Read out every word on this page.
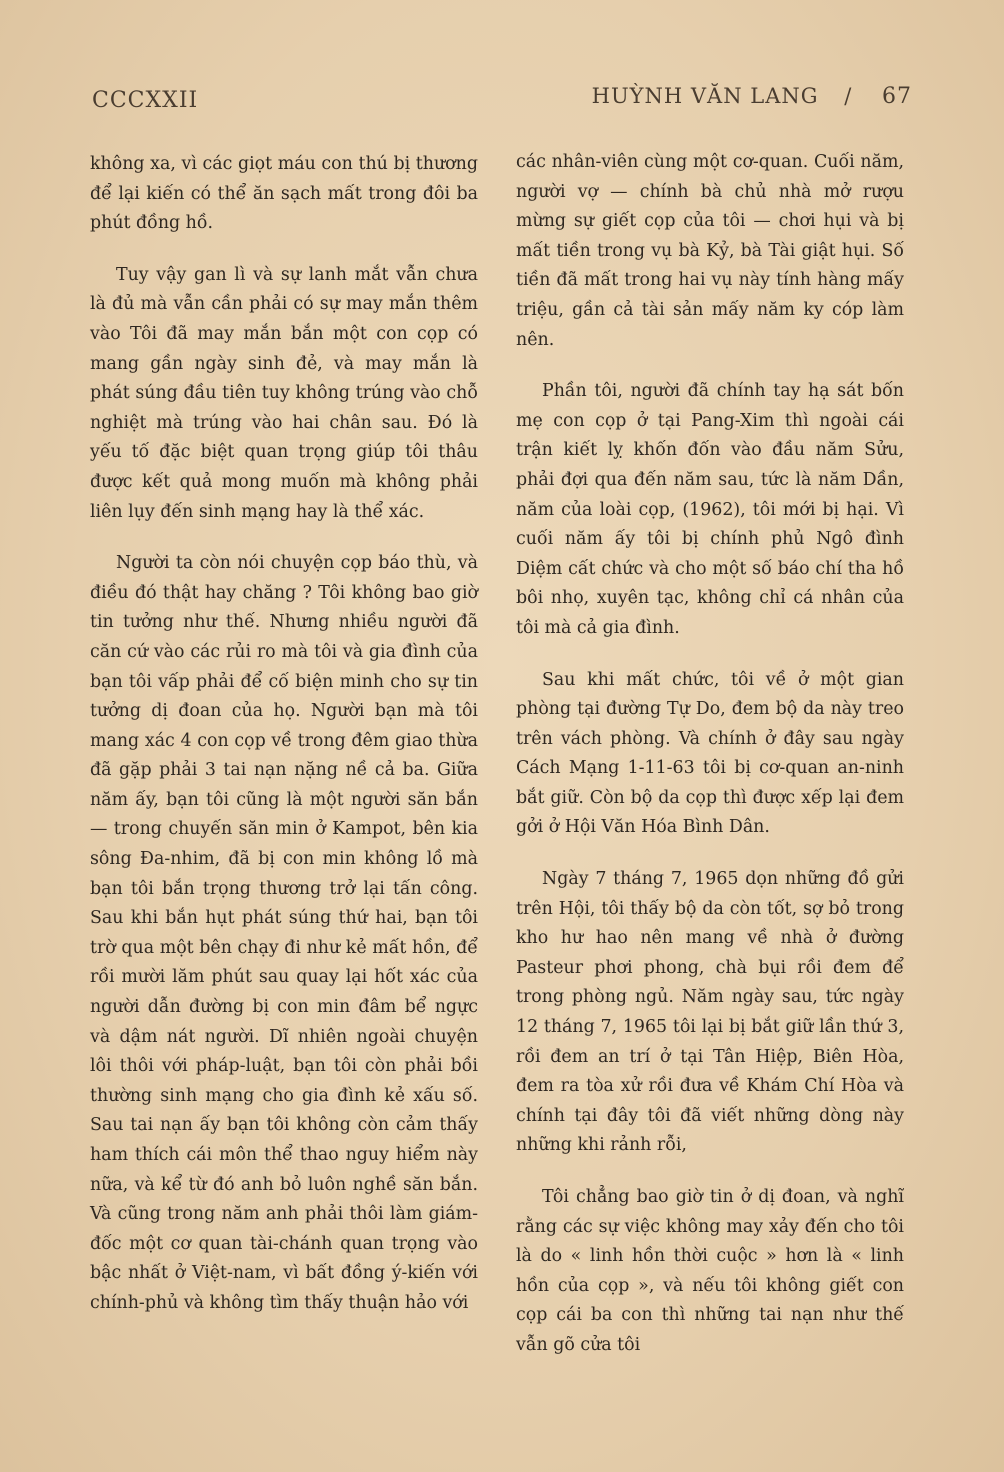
CCCXXII	HUỲNH VĂN LANG / 67

không xa, vì các giọt máu con thú bị thương để lại kiến có thể ăn sạch mất trong đôi ba phút đồng hồ.

Tuy vậy gan lì và sự lanh mắt vẫn chưa là đủ mà vẫn cần phải có sự may mắn thêm vào Tôi đã may mắn bắn một con cọp có mang gần ngày sinh đẻ, và may mắn là phát súng đầu tiên tuy không trúng vào chỗ nghiệt mà trúng vào hai chân sau. Đó là yếu tố đặc biệt quan trọng giúp tôi thâu được kết quả mong muốn mà không phải liên lụy đến sinh mạng hay là thể xác.

Người ta còn nói chuyện cọp báo thù, và điều đó thật hay chăng ? Tôi không bao giờ tin tưởng như thế. Nhưng nhiều người đã căn cứ vào các rủi ro mà tôi và gia đình của bạn tôi vấp phải để cố biện minh cho sự tin tưởng dị đoan của họ. Người bạn mà tôi mang xác 4 con cọp về trong đêm giao thừa đã gặp phải 3 tai nạn nặng nề cả ba. Giữa năm ấy, bạn tôi cũng là một người săn bắn — trong chuyến săn min ở Kampot, bên kia sông Đa-nhim, đã bị con min không lồ mà bạn tôi bắn trọng thương trở lại tấn công. Sau khi bắn hụt phát súng thứ hai, bạn tôi trờ qua một bên chạy đi như kẻ mất hồn, để rồi mười lăm phút sau quay lại hốt xác của người dẫn đường bị con min đâm bể ngực và dậm nát người. Dĩ nhiên ngoài chuyện lôi thôi với pháp-luật, bạn tôi còn phải bồi thường sinh mạng cho gia đình kẻ xấu số. Sau tai nạn ấy bạn tôi không còn cảm thấy ham thích cái môn thể thao nguy hiểm này nữa, và kể từ đó anh bỏ luôn nghề săn bắn. Và cũng trong năm anh phải thôi làm giám-đốc một cơ quan tài-chánh quan trọng vào bậc nhất ở Việt-nam, vì bất đồng ý-kiến với chính-phủ và không tìm thấy thuận hảo với

các nhân-viên cùng một cơ-quan. Cuối năm, người vợ — chính bà chủ nhà mở rượu mừng sự giết cọp của tôi — chơi hụi và bị mất tiền trong vụ bà Kỷ, bà Tài giật hụi. Số tiền đã mất trong hai vụ này tính hàng mấy triệu, gần cả tài sản mấy năm ky cóp làm nên.

Phần tôi, người đã chính tay hạ sát bốn mẹ con cọp ở tại Pang-Xim thì ngoài cái trận kiết lỵ khốn đốn vào đầu năm Sửu, phải đợi qua đến năm sau, tức là năm Dần, năm của loài cọp, (1962), tôi mới bị hại. Vì cuối năm ấy tôi bị chính phủ Ngô đình Diệm cất chức và cho một số báo chí tha hồ bôi nhọ, xuyên tạc, không chỉ cá nhân của tôi mà cả gia đình.

Sau khi mất chức, tôi về ở một gian phòng tại đường Tự Do, đem bộ da này treo trên vách phòng. Và chính ở đây sau ngày Cách Mạng 1-11-63 tôi bị cơ-quan an-ninh bắt giữ. Còn bộ da cọp thì được xếp lại đem gởi ở Hội Văn Hóa Bình Dân.

Ngày 7 tháng 7, 1965 dọn những đồ gửi trên Hội, tôi thấy bộ da còn tốt, sợ bỏ trong kho hư hao nên mang về nhà ở đường Pasteur phơi phong, chà bụi rồi đem để trong phòng ngủ. Năm ngày sau, tức ngày 12 tháng 7, 1965 tôi lại bị bắt giữ lần thứ 3, rồi đem an trí ở tại Tân Hiệp, Biên Hòa, đem ra tòa xử rồi đưa về Khám Chí Hòa và chính tại đây tôi đã viết những dòng này những khi rảnh rỗi,

Tôi chẳng bao giờ tin ở dị đoan, và nghĩ rằng các sự việc không may xảy đến cho tôi là do « linh hồn thời cuộc » hơn là « linh hồn của cọp », và nếu tôi không giết con cọp cái ba con thì những tai nạn như thế vẫn gõ cửa tôi
